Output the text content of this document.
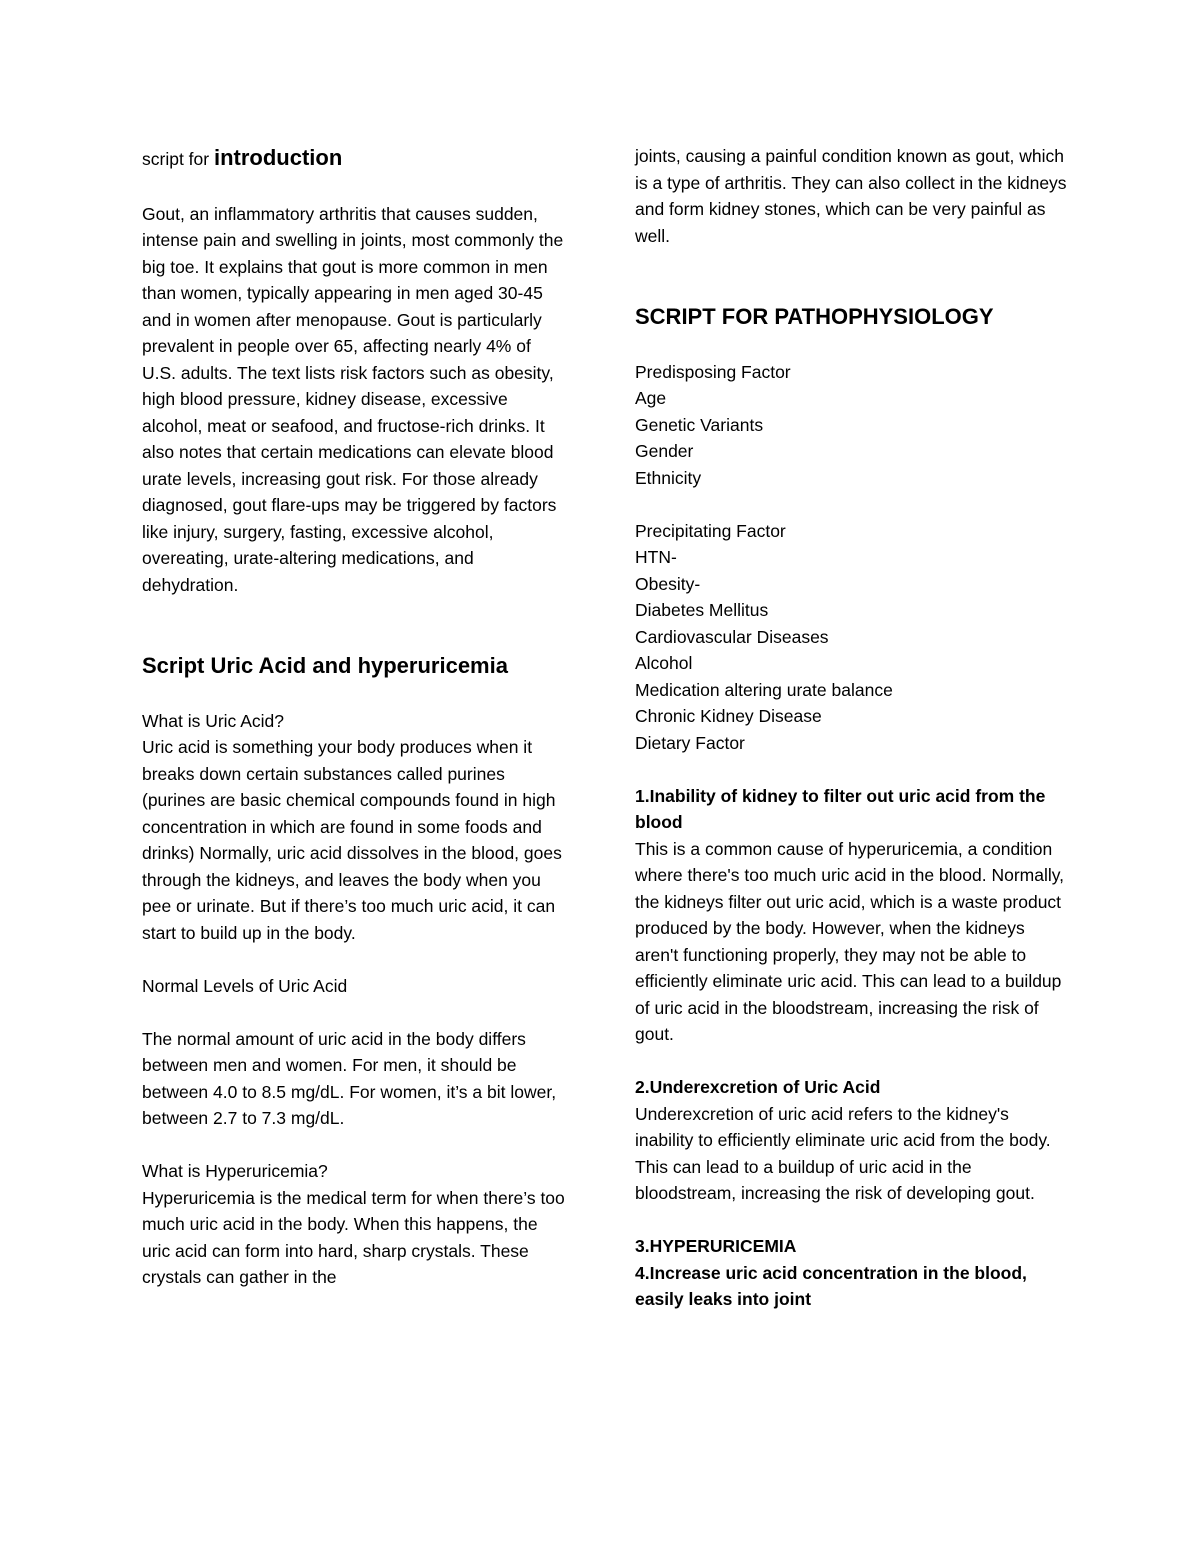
script for introduction

Gout, an inflammatory arthritis that causes sudden, intense pain and swelling in joints, most commonly the big toe. It explains that gout is more common in men than women, typically appearing in men aged 30-45 and in women after menopause. Gout is particularly prevalent in people over 65, affecting nearly 4% of U.S. adults. The text lists risk factors such as obesity, high blood pressure, kidney disease, excessive alcohol, meat or seafood, and fructose-rich drinks. It also notes that certain medications can elevate blood urate levels, increasing gout risk. For those already diagnosed, gout flare-ups may be triggered by factors like injury, surgery, fasting, excessive alcohol, overeating, urate-altering medications, and dehydration.

Script Uric Acid and hyperuricemia

What is Uric Acid?

Uric acid is something your body produces when it breaks down certain substances called purines (purines are basic chemical compounds found in high concentration in which are found in some foods and drinks) Normally, uric acid dissolves in the blood, goes through the kidneys, and leaves the body when you pee or urinate. But if there’s too much uric acid, it can start to build up in the body.

Normal Levels of Uric Acid

The normal amount of uric acid in the body differs between men and women. For men, it should be between 4.0 to 8.5 mg/dL. For women, it’s a bit lower, between 2.7 to 7.3 mg/dL.

What is Hyperuricemia?

Hyperuricemia is the medical term for when there’s too much uric acid in the body. When this happens, the uric acid can form into hard, sharp crystals. These crystals can gather in the

joints, causing a painful condition known as gout, which is a type of arthritis. They can also collect in the kidneys and form kidney stones, which can be very painful as well.

SCRIPT FOR PATHOPHYSIOLOGY

Predisposing Factor

Age
Genetic Variants
Gender
Ethnicity

Precipitating Factor

HTN-
Obesity-
Diabetes Mellitus
Cardiovascular Diseases
Alcohol
Medication altering urate balance
Chronic Kidney Disease
Dietary Factor

1.Inability of kidney to filter out uric acid from the blood

This is a common cause of hyperuricemia, a condition where there's too much uric acid in the blood. Normally, the kidneys filter out uric acid, which is a waste product produced by the body. However, when the kidneys aren't functioning properly, they may not be able to efficiently eliminate uric acid. This can lead to a buildup of uric acid in the bloodstream, increasing the risk of gout.

2.Underexcretion of Uric Acid

Underexcretion of uric acid refers to the kidney's inability to efficiently eliminate uric acid from the body. This can lead to a buildup of uric acid in the bloodstream, increasing the risk of developing gout.

3.HYPERURICEMIA

4.Increase uric acid concentration in the blood, easily leaks into joint
